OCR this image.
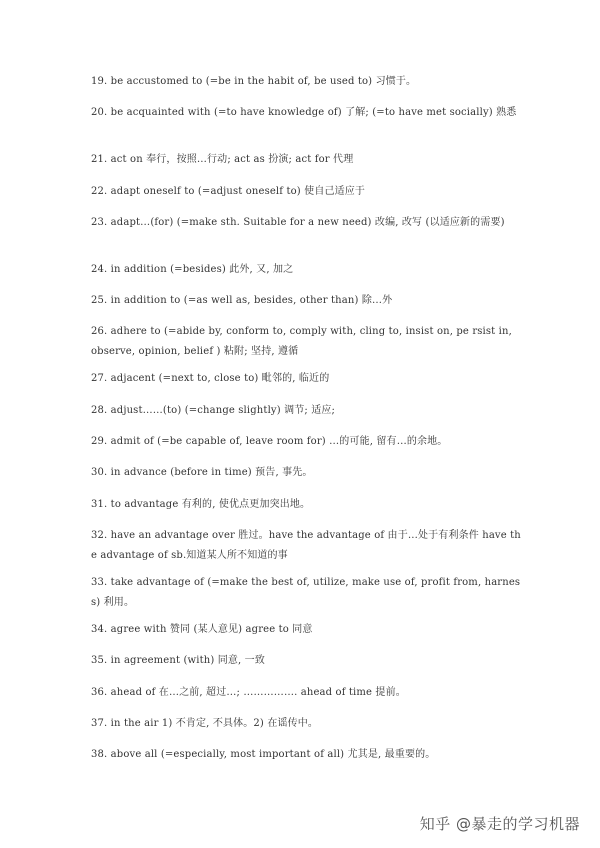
19. be accustomed to (=be in the habit of, be used to) 习惯于。

20. be acquainted with (=to have knowledge of) 了解; (=to have met socially) 熟悉

21. act on 奉行，按照…行动; act as 扮演; act for 代理

22. adapt oneself to (=adjust oneself to) 使自己适应于

23. adapt…(for) (=make sth. Suitable for a new need) 改编, 改写 (以适应新的需要)

24. in addition (=besides) 此外, 又, 加之

25. in addition to (=as well as, besides, other than) 除…外

26. adhere to (=abide by, conform to, comply with, cling to, insist on, pe rsist in, observe, opinion, belief ) 粘附; 坚持, 遵循

27. adjacent (=next to, close to) 毗邻的, 临近的

28. adjust……(to) (=change slightly) 调节; 适应;

29. admit of (=be capable of, leave room for) …的可能, 留有…的余地。

30. in advance (before in time) 预告, 事先。

31. to advantage 有利的, 使优点更加突出地。

32. have an advantage over 胜过。have the advantage of 由于…处于有利条件 have the advantage of sb.知道某人所不知道的事

33. take advantage of (=make the best of, utilize, make use of, profit from, harness) 利用。

34. agree with 赞同 (某人意见) agree to 同意

35. in agreement (with) 同意, 一致

36. ahead of 在…之前, 超过…; ……………. ahead of time 提前。

37. in the air 1) 不肯定, 不具体。2) 在谣传中。

38. above all (=especially, most important of all) 尤其是, 最重要的。

知乎 @暴走的学习机器
